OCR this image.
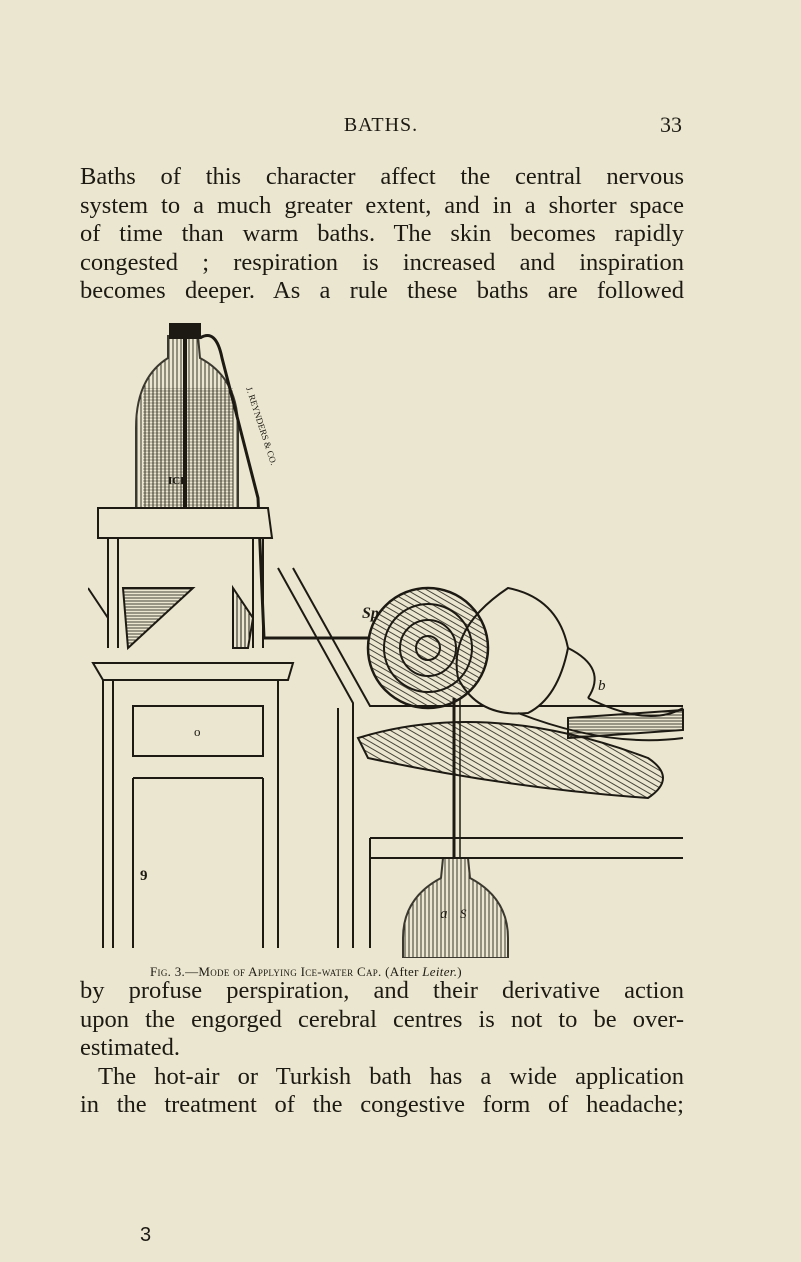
BATHS.	33
Baths of this character affect the central nervous
system to a much greater extent, and in a shorter space
of time than warm baths. The skin becomes rapidly
congested ; respiration is increased and inspiration
becomes deeper. As a rule these baths are followed
ICE
J. REYNDERS & CO.
o
9
Sp
b
a S
Fig. 3.—Mode of Applying Ice-water Cap. (After Leiter.)
by profuse perspiration, and their derivative action
upon the engorged cerebral centres is not to be over-
estimated.
The hot-air or Turkish bath has a wide application
in the treatment of the congestive form of headache;
3
